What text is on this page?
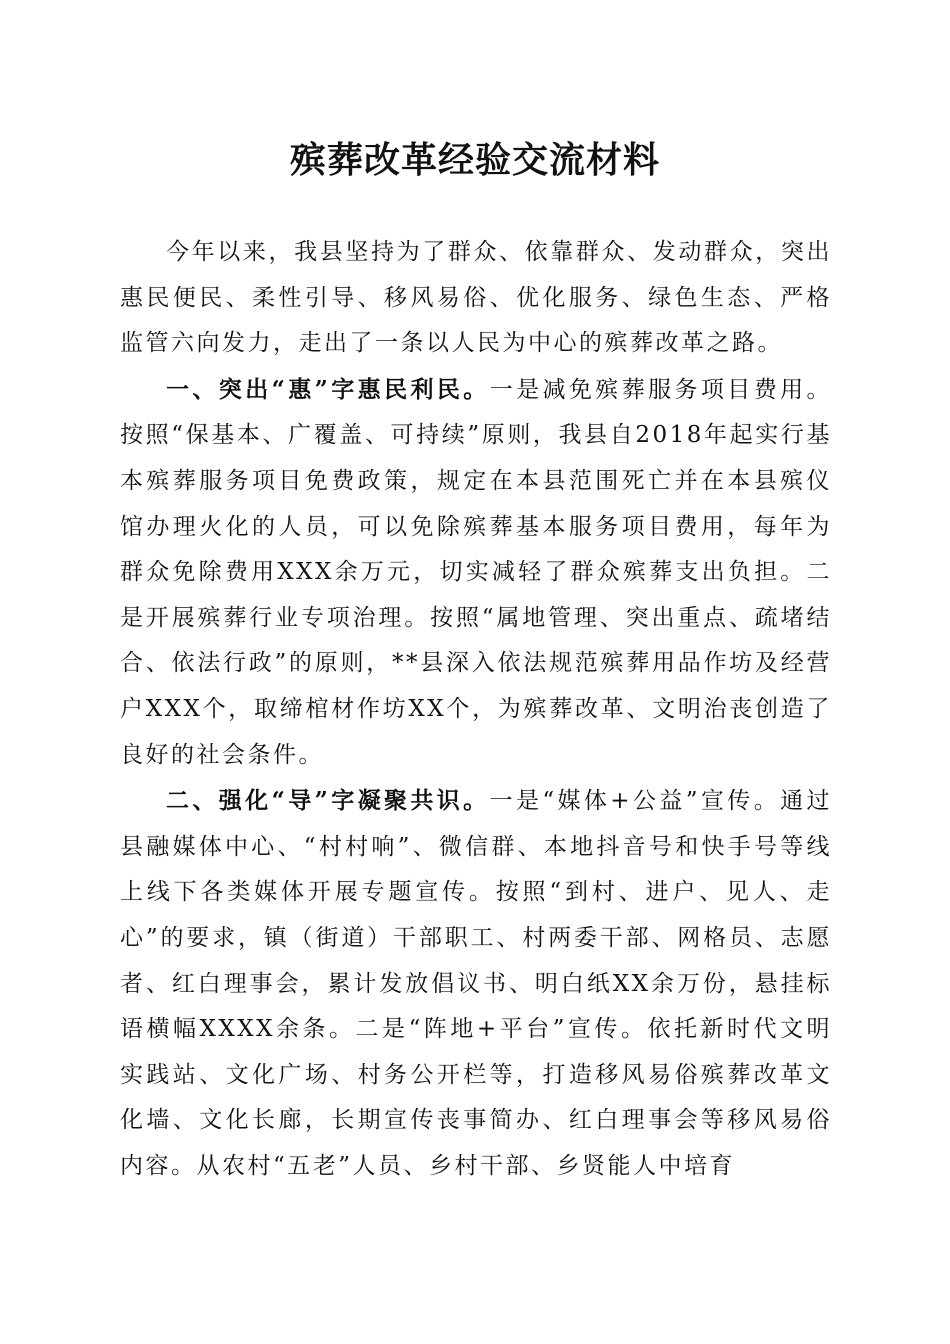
殡葬改革经验交流材料

今年以来，我县坚持为了群众、依靠群众、发动群众，突出惠民便民、柔性引导、移风易俗、优化服务、绿色生态、严格监管六向发力，走出了一条以人民为中心的殡葬改革之路。

一、突出“惠”字惠民利民。一是减免殡葬服务项目费用。按照“保基本、广覆盖、可持续”原则，我县自2018年起实行基本殡葬服务项目免费政策，规定在本县范围死亡并在本县殡仪馆办理火化的人员，可以免除殡葬基本服务项目费用，每年为群众免除费用XXX余万元，切实减轻了群众殡葬支出负担。二是开展殡葬行业专项治理。按照“属地管理、突出重点、疏堵结合、依法行政”的原则，**县深入依法规范殡葬用品作坊及经营户XXX个，取缔棺材作坊XX个，为殡葬改革、文明治丧创造了良好的社会条件。

二、强化“导”字凝聚共识。一是“媒体+公益”宣传。通过县融媒体中心、“村村响”、微信群、本地抖音号和快手号等线上线下各类媒体开展专题宣传。按照“到村、进户、见人、走心”的要求，镇（街道）干部职工、村两委干部、网格员、志愿者、红白理事会，累计发放倡议书、明白纸XX余万份，悬挂标语横幅XXXX余条。二是“阵地+平台”宣传。依托新时代文明实践站、文化广场、村务公开栏等，打造移风易俗殡葬改革文化墙、文化长廊，长期宣传丧事简办、红白理事会等移风易俗内容。从农村“五老”人员、乡村干部、乡贤能人中培育
